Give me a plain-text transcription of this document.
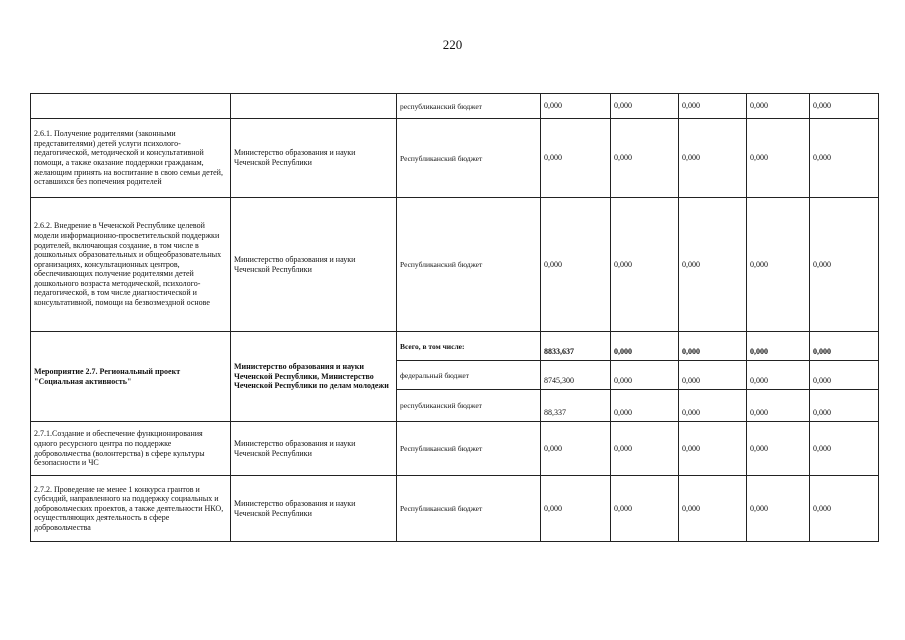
220
		республиканский бюджет	0,000	0,000	0,000	0,000	0,000
2.6.1. Получение родителями (законными представителями) детей услуги психолого-педагогической, методической и консультативной помощи, а также оказание поддержки гражданам, желающим принять на воспитание в свою семьи детей, оставшихся без попечения родителей	Министерство образования и науки Чеченской Республики	Республиканский бюджет	0,000	0,000	0,000	0,000	0,000
2.6.2. Внедрение в Чеченской Республике целевой модели информационно-просветительской поддержки родителей, включающая создание, в том числе в дошкольных образовательных и общеобразовательных организациях, консультационных центров, обеспечивающих получение родителями детей дошкольного возраста методической, психолого-педагогической, в том числе диагностической и консультативной, помощи на безвозмездной основе	Министерство образования и науки Чеченской Республики	Республиканский бюджет	0,000	0,000	0,000	0,000	0,000
Мероприятие 2.7. Региональный проект "Социальная активность"	Министерство образования и науки Чеченской Республики, Министерство Чеченской Республики по делам молодежи	Всего, в том числе:	8833,637	0,000	0,000	0,000	0,000
		федеральный бюджет	8745,300	0,000	0,000	0,000	0,000
		республиканский бюджет	88,337	0,000	0,000	0,000	0,000
2.7.1.Создание и обеспечение функционирования одного ресурсного центра по поддержке добровольчества (волонтерства) в сфере культуры безопасности и ЧС	Министерство образования и науки Чеченской Республики	Республиканский бюджет	0,000	0,000	0,000	0,000	0,000
2.7.2. Проведение не менее 1 конкурса грантов и субсидий, направленного на поддержку социальных и добровольческих проектов, а также деятельности НКО, осуществляющих деятельность в сфере добровольчества	Министерство образования и науки Чеченской Республики	Республиканский бюджет	0,000	0,000	0,000	0,000	0,000
